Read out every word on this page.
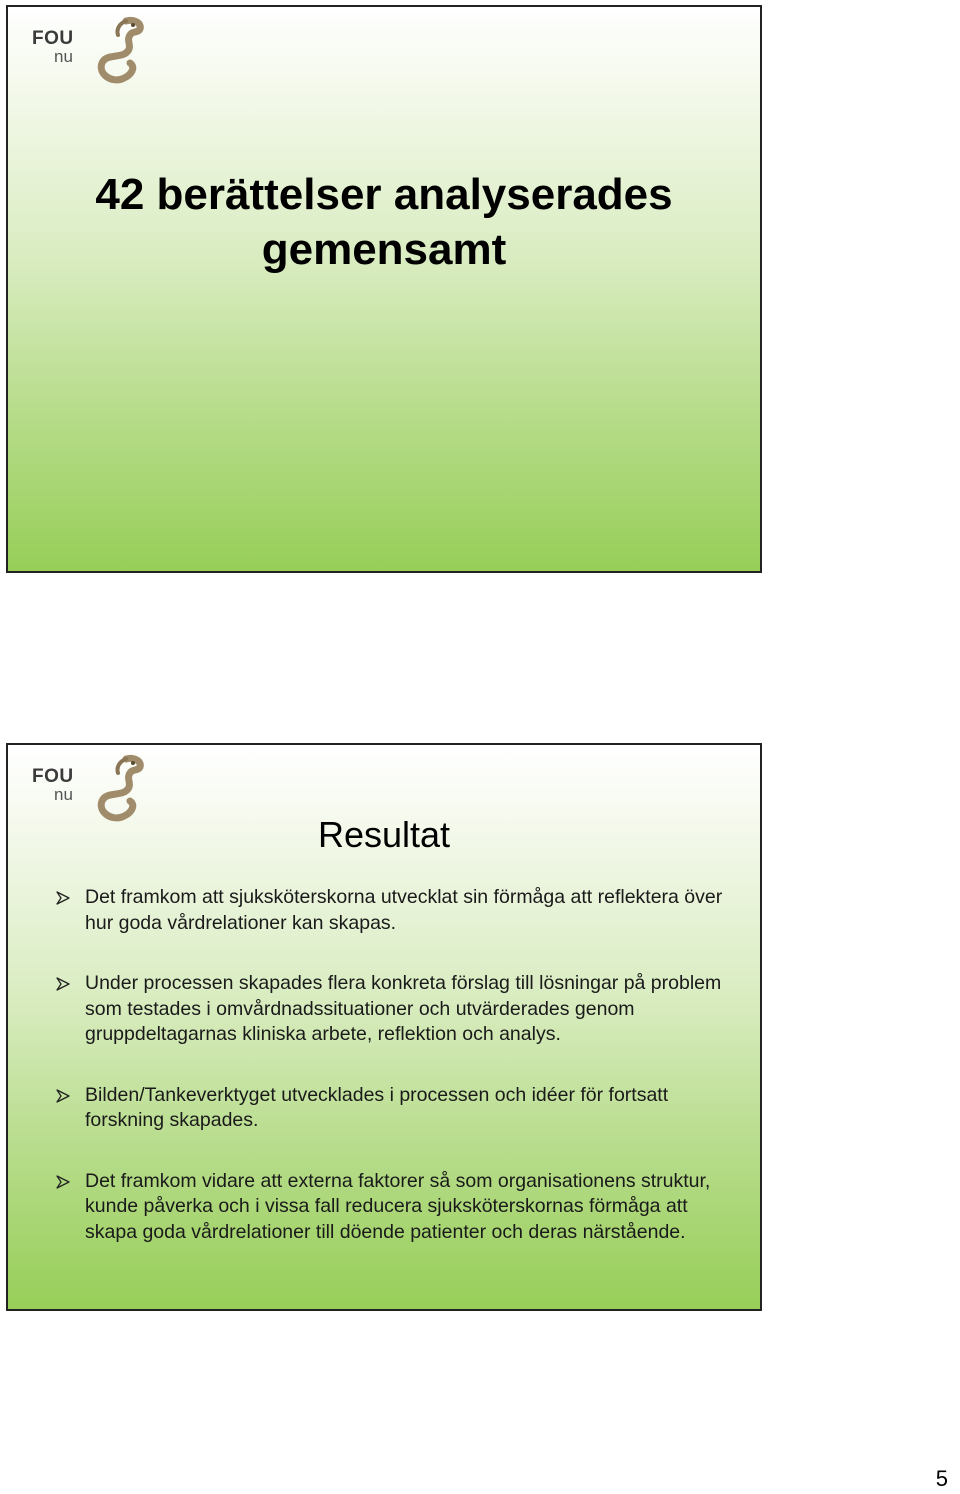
FOU
nu
42 berättelser analyserades
gemensamt
FOU
nu
Resultat
Det framkom att sjuksköterskorna utvecklat sin förmåga att reflektera över hur goda vårdrelationer kan skapas.
Under processen skapades flera konkreta förslag till lösningar på problem som testades i omvårdnadssituationer och utvärderades genom gruppdeltagarnas kliniska arbete, reflektion och analys.
Bilden/Tankeverktyget utvecklades i processen och idéer för fortsatt forskning skapades.
Det framkom vidare att externa faktorer så som organisationens struktur, kunde påverka och i vissa fall reducera sjuksköterskornas förmåga att skapa goda vårdrelationer till döende patienter och deras närstående.
5
